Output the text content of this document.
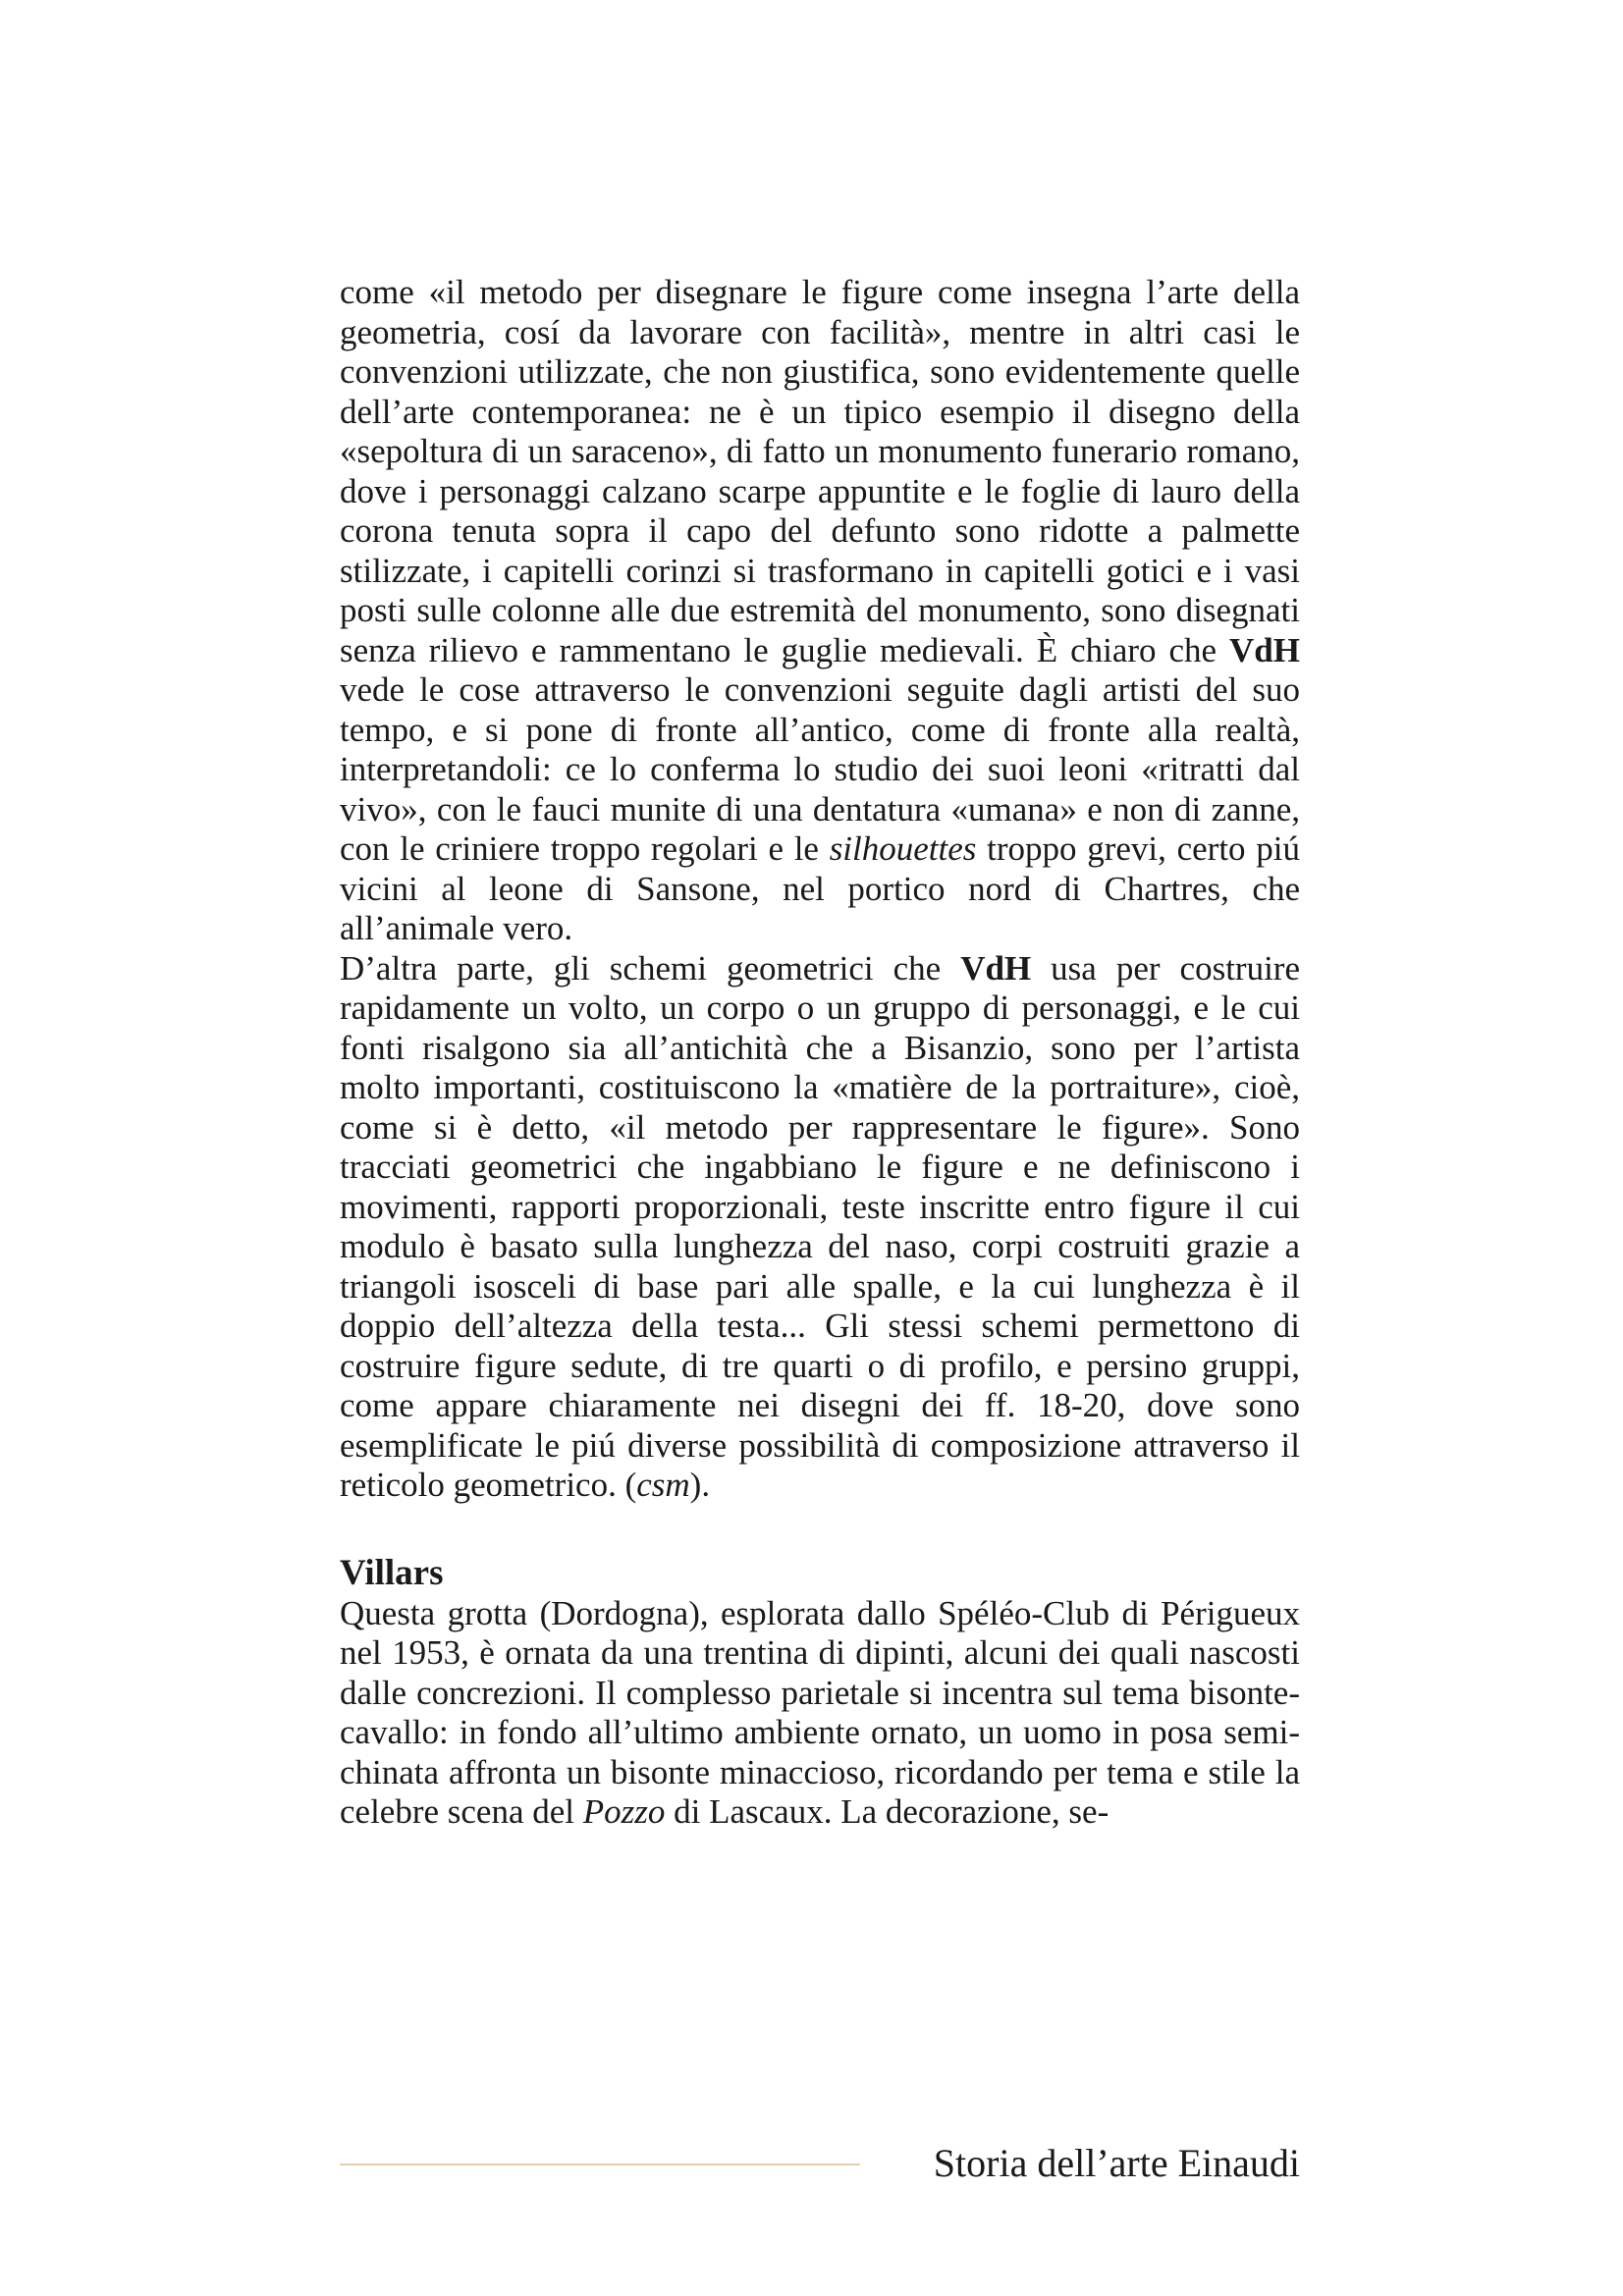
come «il metodo per disegnare le figure come insegna l’arte della geometria, cosí da lavorare con facilità», mentre in altri casi le convenzioni utilizzate, che non giustifica, sono evidentemente quelle dell’arte contemporanea: ne è un tipico esempio il disegno della «sepoltura di un saraceno», di fatto un monumento funerario romano, dove i personaggi calzano scarpe appuntite e le foglie di lauro della corona tenuta sopra il capo del defunto sono ridotte a palmette stilizzate, i capitelli corinzi si trasformano in capitelli gotici e i vasi posti sulle colonne alle due estremità del monumento, sono disegnati senza rilievo e rammentano le guglie medievali. È chiaro che VdH vede le cose attraverso le convenzioni seguite dagli artisti del suo tempo, e si pone di fronte all’antico, come di fronte alla realtà, interpretandoli: ce lo conferma lo studio dei suoi leoni «ritratti dal vivo», con le fauci munite di una dentatura «umana» e non di zanne, con le criniere troppo regolari e le silhouettes troppo grevi, certo piú vicini al leone di Sansone, nel portico nord di Chartres, che all’animale vero.

D’altra parte, gli schemi geometrici che VdH usa per costruire rapidamente un volto, un corpo o un gruppo di personaggi, e le cui fonti risalgono sia all’antichità che a Bisanzio, sono per l’artista molto importanti, costituiscono la «matière de la portraiture», cioè, come si è detto, «il metodo per rappresentare le figure». Sono tracciati geometrici che ingabbiano le figure e ne definiscono i movimenti, rapporti proporzionali, teste inscritte entro figure il cui modulo è basato sulla lunghezza del naso, corpi costruiti grazie a triangoli isosceli di base pari alle spalle, e la cui lunghezza è il doppio dell’altezza della testa... Gli stessi schemi permettono di costruire figure sedute, di tre quarti o di profilo, e persino gruppi, come appare chiaramente nei disegni dei ff. 18-20, dove sono esemplificate le piú diverse possibilità di composizione attraverso il reticolo geometrico. (csm).

Villars

Questa grotta (Dordogna), esplorata dallo Spéléo-Club di Périgueux nel 1953, è ornata da una trentina di dipinti, alcuni dei quali nascosti dalle concrezioni. Il complesso parietale si incentra sul tema bisonte-cavallo: in fondo all’ultimo ambiente ornato, un uomo in posa semi-chinata affronta un bisonte minaccioso, ricordando per tema e stile la celebre scena del Pozzo di Lascaux. La decorazione, se-

Storia dell’arte Einaudi
